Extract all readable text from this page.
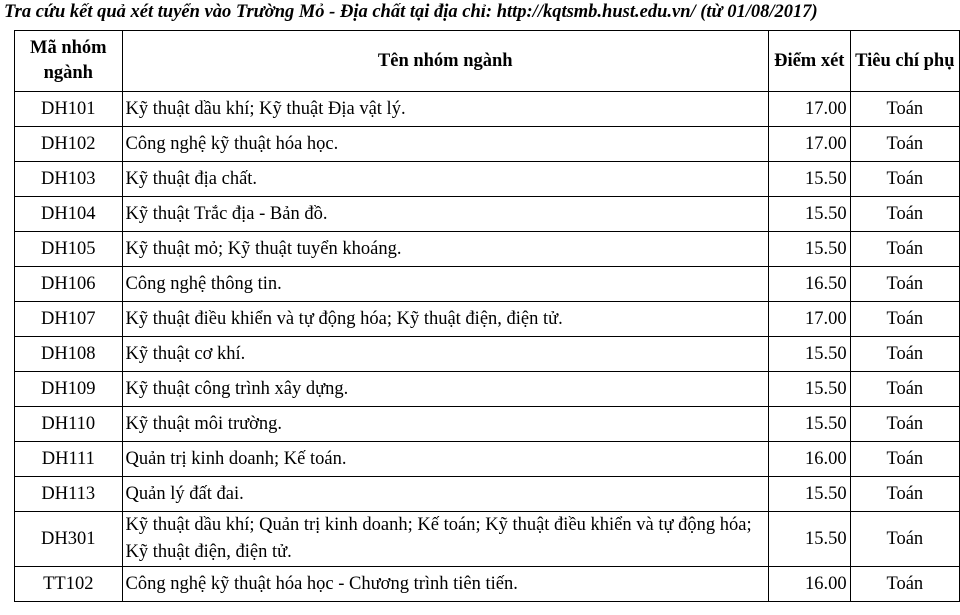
Tra cứu kết quả xét tuyển vào Trường Mỏ - Địa chất tại địa chỉ: http://kqtsmb.hust.edu.vn/ (từ 01/08/2017)
Mã nhóm ngành	Tên nhóm ngành	Điểm xét	Tiêu chí phụ
DH101	Kỹ thuật dầu khí; Kỹ thuật Địa vật lý.	17.00	Toán
DH102	Công nghệ kỹ thuật hóa học.	17.00	Toán
DH103	Kỹ thuật địa chất.	15.50	Toán
DH104	Kỹ thuật Trắc địa - Bản đồ.	15.50	Toán
DH105	Kỹ thuật mỏ; Kỹ thuật tuyển khoáng.	15.50	Toán
DH106	Công nghệ thông tin.	16.50	Toán
DH107	Kỹ thuật điều khiển và tự động hóa; Kỹ thuật điện, điện tử.	17.00	Toán
DH108	Kỹ thuật cơ khí.	15.50	Toán
DH109	Kỹ thuật công trình xây dựng.	15.50	Toán
DH110	Kỹ thuật môi trường.	15.50	Toán
DH111	Quản trị kinh doanh; Kế toán.	16.00	Toán
DH113	Quản lý đất đai.	15.50	Toán
DH301	Kỹ thuật dầu khí; Quản trị kinh doanh; Kế toán; Kỹ thuật điều khiển và tự động hóa; Kỹ thuật điện, điện tử.	15.50	Toán
TT102	Công nghệ kỹ thuật hóa học - Chương trình tiên tiến.	16.00	Toán
